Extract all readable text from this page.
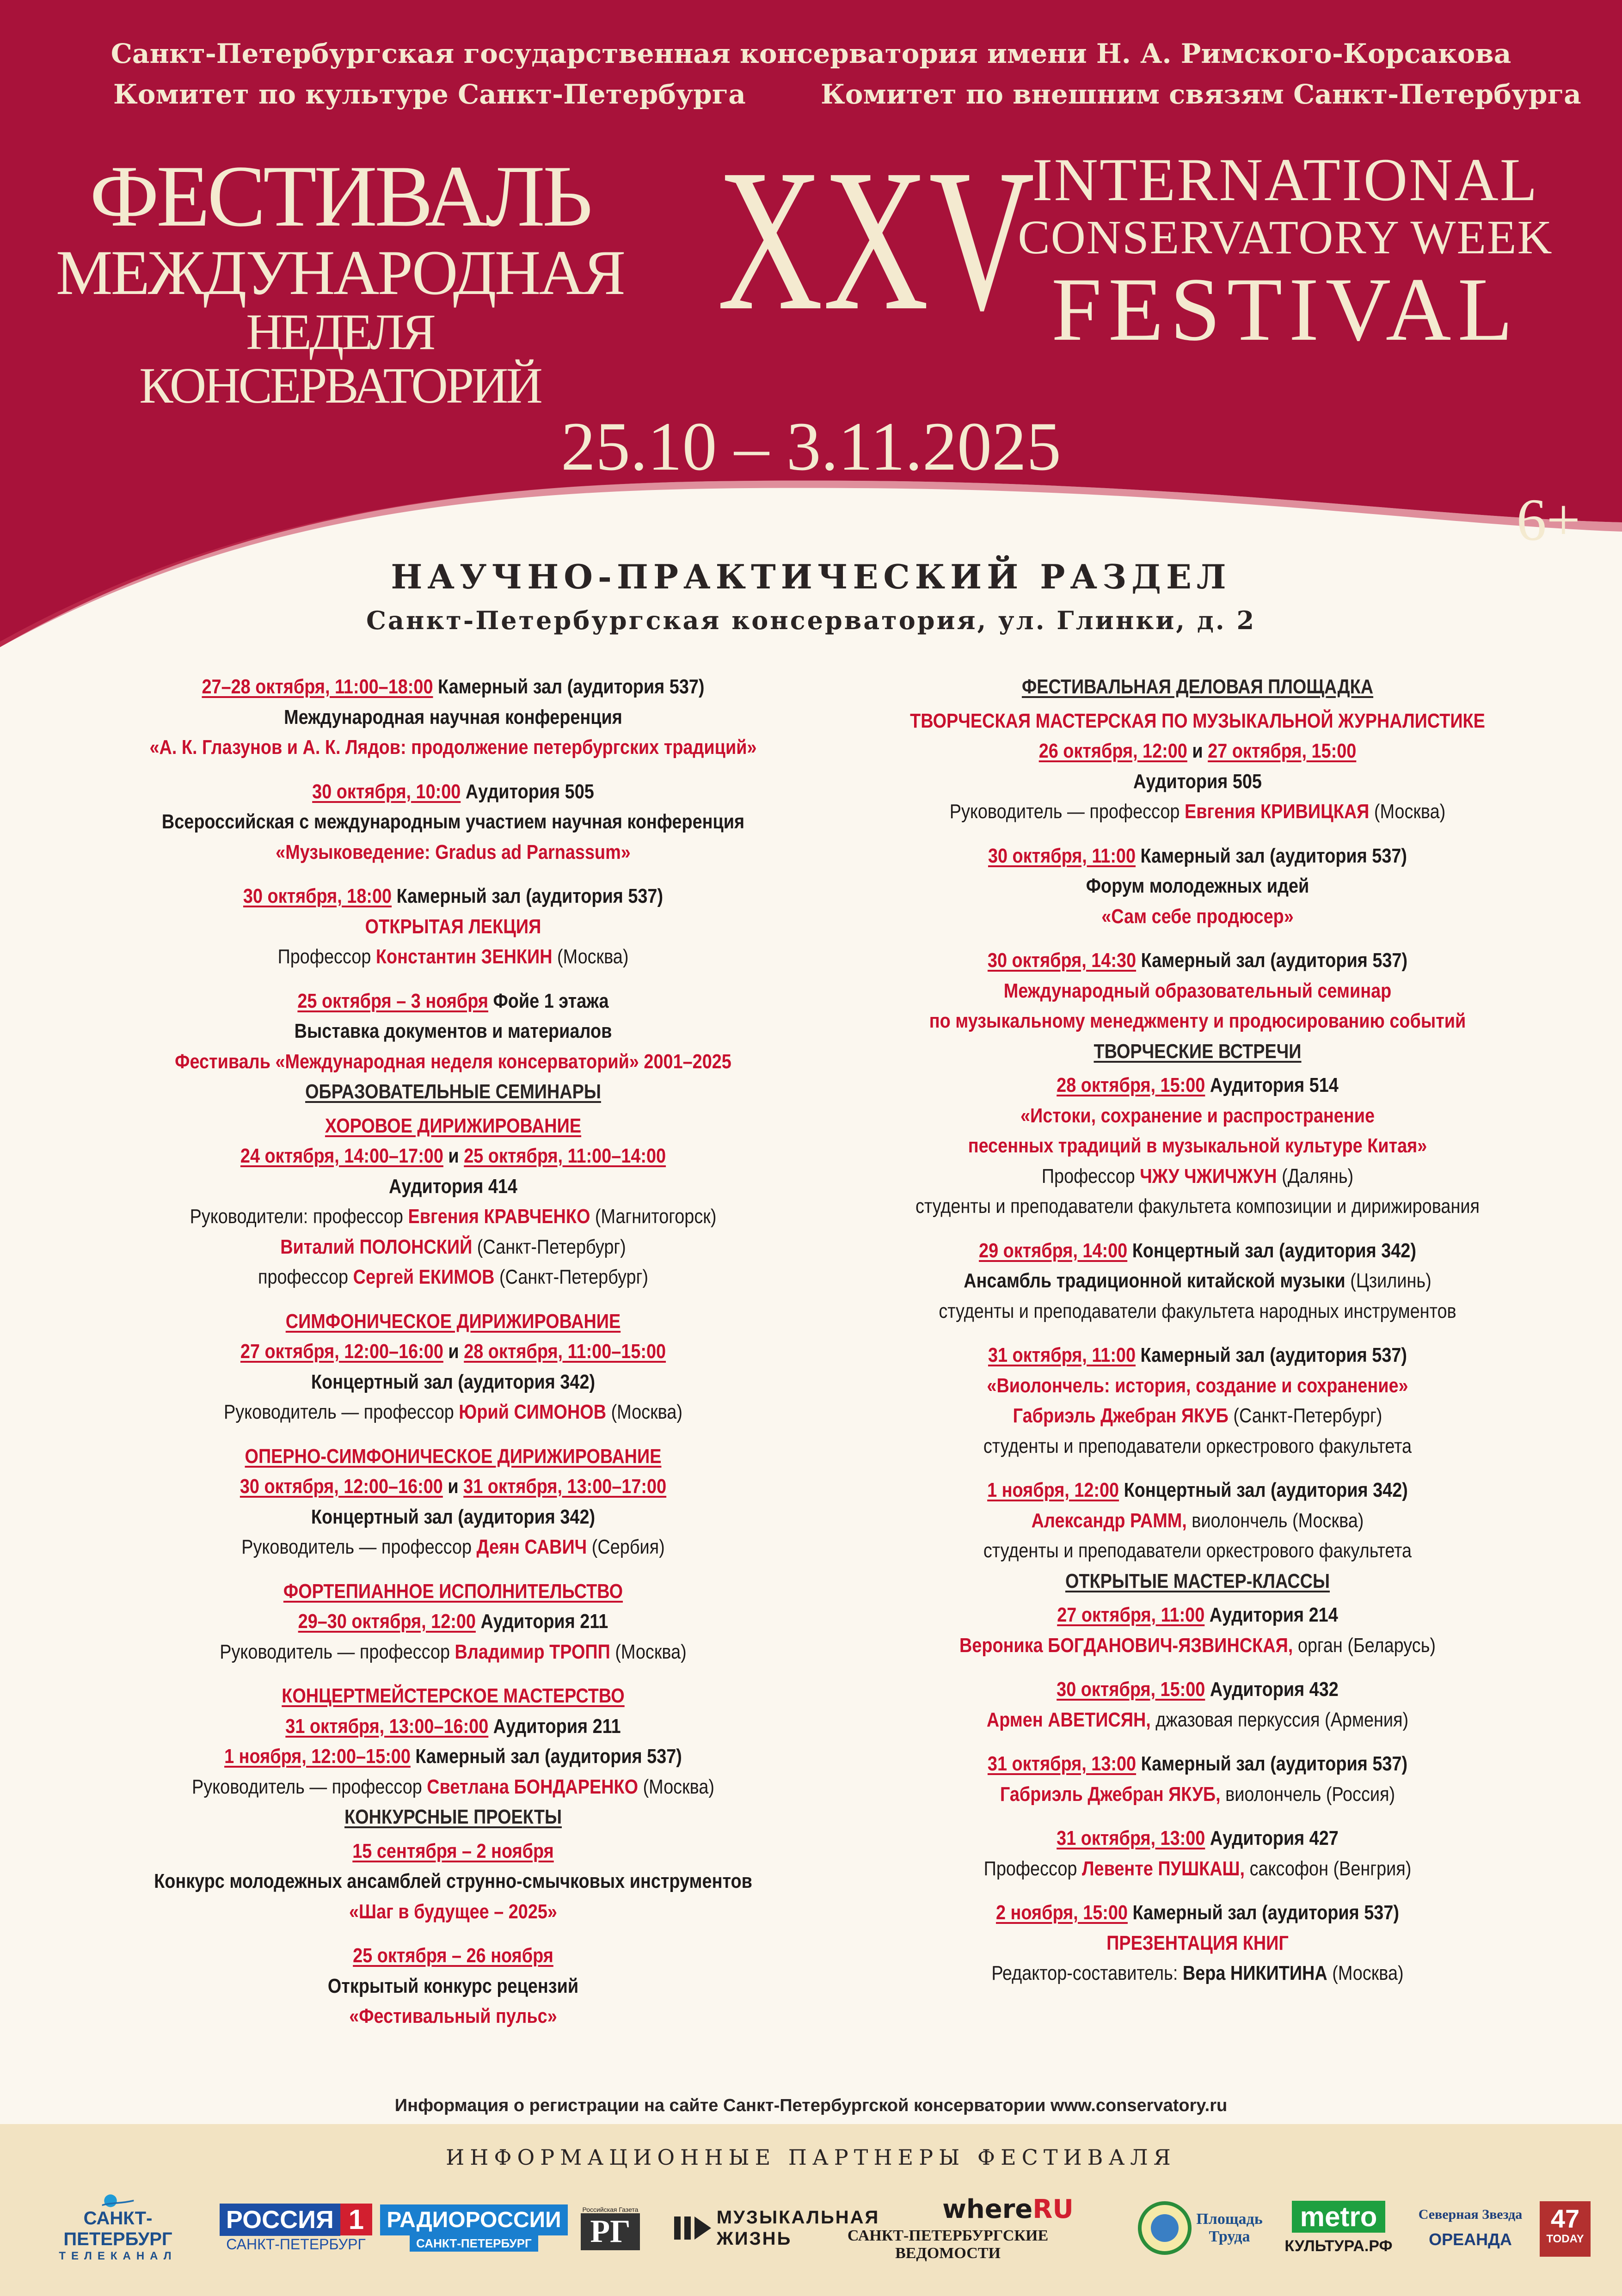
Санкт-Петербургская государственная консерватория имени Н. А. Римского-Корсакова
Комитет по культуре Санкт-Петербурга	Комитет по внешним связям Санкт-Петербурга
ФЕСТИВАЛЬ
МЕЖДУНАРОДНАЯ
НЕДЕЛЯ КОНСЕРВАТОРИЙ
XXV
INTERNATIONAL
CONSERVATORY WEEK
FESTIVAL
25.10 – 3.11.2025
6+
НАУЧНО-ПРАКТИЧЕСКИЙ РАЗДЕЛ
Санкт-Петербургская консерватория, ул. Глинки, д. 2
27–28 октября, 11:00–18:00 Камерный зал (аудитория 537)
Международная научная конференция
«А. К. Глазунов и А. К. Лядов: продолжение петербургских традиций»
30 октября, 10:00 Аудитория 505
Всероссийская с международным участием научная конференция
«Музыковедение: Gradus ad Parnassum»
30 октября, 18:00 Камерный зал (аудитория 537)
ОТКРЫТАЯ ЛЕКЦИЯ
Профессор Константин ЗЕНКИН (Москва)
25 октября – 3 ноября Фойе 1 этажа
Выставка документов и материалов
Фестиваль «Международная неделя консерваторий» 2001–2025
ОБРАЗОВАТЕЛЬНЫЕ СЕМИНАРЫ
ХОРОВОЕ ДИРИЖИРОВАНИЕ
24 октября, 14:00–17:00 и 25 октября, 11:00–14:00
Аудитория 414
Руководители: профессор Евгения КРАВЧЕНКО (Магнитогорск)
Виталий ПОЛОНСКИЙ (Санкт-Петербург)
профессор Сергей ЕКИМОВ (Санкт-Петербург)
СИМФОНИЧЕСКОЕ ДИРИЖИРОВАНИЕ
27 октября, 12:00–16:00 и 28 октября, 11:00–15:00
Концертный зал (аудитория 342)
Руководитель — профессор Юрий СИМОНОВ (Москва)
ОПЕРНО-СИМФОНИЧЕСКОЕ ДИРИЖИРОВАНИЕ
30 октября, 12:00–16:00 и 31 октября, 13:00–17:00
Концертный зал (аудитория 342)
Руководитель — профессор Деян САВИЧ (Сербия)
ФОРТЕПИАННОЕ ИСПОЛНИТЕЛЬСТВО
29–30 октября, 12:00 Аудитория 211
Руководитель — профессор Владимир ТРОПП (Москва)
КОНЦЕРТМЕЙСТЕРСКОЕ МАСТЕРСТВО
31 октября, 13:00–16:00 Аудитория 211
1 ноября, 12:00–15:00 Камерный зал (аудитория 537)
Руководитель — профессор Светлана БОНДАРЕНКО (Москва)
КОНКУРСНЫЕ ПРОЕКТЫ
15 сентября – 2 ноября
Конкурс молодежных ансамблей струнно-смычковых инструментов
«Шаг в будущее – 2025»
25 октября – 26 ноября
Открытый конкурс рецензий
«Фестивальный пульс»
ФЕСТИВАЛЬНАЯ ДЕЛОВАЯ ПЛОЩАДКА
ТВОРЧЕСКАЯ МАСТЕРСКАЯ ПО МУЗЫКАЛЬНОЙ ЖУРНАЛИСТИКЕ
26 октября, 12:00 и 27 октября, 15:00
Аудитория 505
Руководитель — профессор Евгения КРИВИЦКАЯ (Москва)
30 октября, 11:00 Камерный зал (аудитория 537)
Форум молодежных идей
«Сам себе продюсер»
30 октября, 14:30 Камерный зал (аудитория 537)
Международный образовательный семинар
по музыкальному менеджменту и продюсированию событий
ТВОРЧЕСКИЕ ВСТРЕЧИ
28 октября, 15:00 Аудитория 514
«Истоки, сохранение и распространение
песенных традиций в музыкальной культуре Китая»
Профессор ЧЖУ ЧЖИЧЖУН (Далянь)
студенты и преподаватели факультета композиции и дирижирования
29 октября, 14:00 Концертный зал (аудитория 342)
Ансамбль традиционной китайской музыки (Цзилинь)
студенты и преподаватели факультета народных инструментов
31 октября, 11:00 Камерный зал (аудитория 537)
«Виолончель: история, создание и сохранение»
Габриэль Джебран ЯКУБ (Санкт-Петербург)
студенты и преподаватели оркестрового факультета
1 ноября, 12:00 Концертный зал (аудитория 342)
Александр РАММ, виолончель (Москва)
студенты и преподаватели оркестрового факультета
ОТКРЫТЫЕ МАСТЕР-КЛАССЫ
27 октября, 11:00 Аудитория 214
Вероника БОГДАНОВИЧ-ЯЗВИНСКАЯ, орган (Беларусь)
30 октября, 15:00 Аудитория 432
Армен АВЕТИСЯН, джазовая перкуссия (Армения)
31 октября, 13:00 Камерный зал (аудитория 537)
Габриэль Джебран ЯКУБ, виолончель (Россия)
31 октября, 13:00 Аудитория 427
Профессор Левенте ПУШКАШ, саксофон (Венгрия)
2 ноября, 15:00 Камерный зал (аудитория 537)
ПРЕЗЕНТАЦИЯ КНИГ
Редактор-составитель: Вера НИКИТИНА (Москва)
Информация о регистрации на сайте Санкт-Петербургской консерватории www.conservatory.ru
ИНФОРМАЦИОННЫЕ ПАРТНЕРЫ ФЕСТИВАЛЯ
САНКТ-ПЕТЕРБУРГ
ТЕЛЕКАНАЛ
РОССИЯ 1
САНКТ-ПЕТЕРБУРГ
РАДИОРОССИИ
САНКТ-ПЕТЕРБУРГ
Российская Газета
РГ	МУЗЫКАЛЬНАЯ
ЖИЗНЬ
whereRU
САНКТ-ПЕТЕРБУРГСКИЕ ВЕДОМОСТИ
Площадь
Труда
metro
КУЛЬТУРА.РФ
Северная Звезда
ОРЕАНДА
47
TODAY
